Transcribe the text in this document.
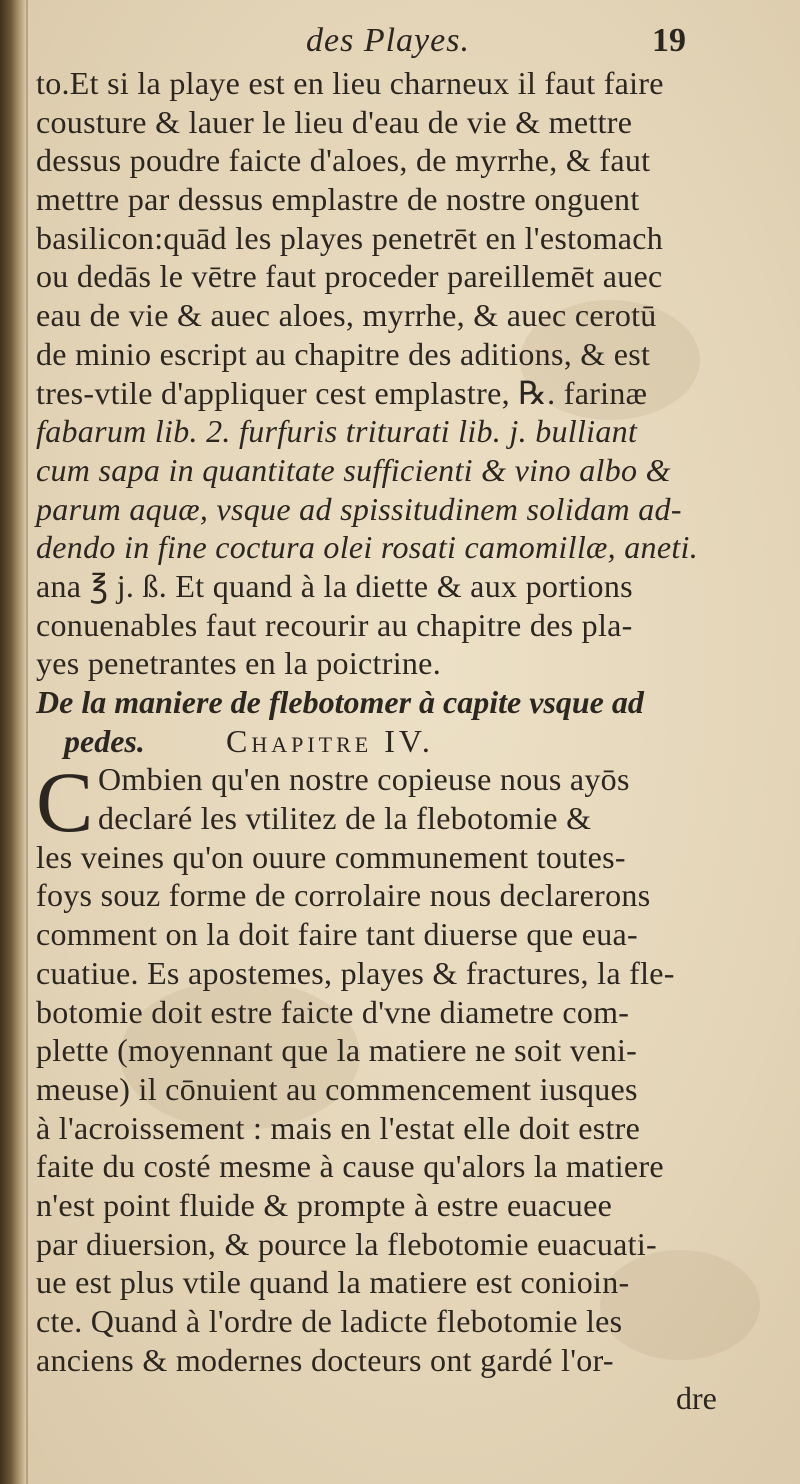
des Playes.	19
to.Et si la playe est en lieu charneux il faut faire
cousture & lauer le lieu d'eau de vie & mettre
dessus poudre faicte d'aloes, de myrrhe, & faut
mettre par dessus emplastre de nostre onguent
basilicon:quād les playes penetrēt en l'estomach
ou dedās le vētre faut proceder pareillemēt auec
eau de vie & auec aloes, myrrhe, & auec cerotū
de minio escript au chapitre des aditions, & est
tres-vtile d'appliquer cest emplastre, ℞. farinæ
fabarum lib. 2. furfuris triturati lib. j. bulliant
cum sapa in quantitate sufficienti & vino albo &
parum aquæ, vsque ad spissitudinem solidam ad-
dendo in fine coctura olei rosati camomillæ, aneti.
ana ℥ j. ß. Et quand à la diette & aux portions
conuenables faut recourir au chapitre des pla-
yes penetrantes en la poictrine.
De la maniere de flebotomer à capite vsque ad
pedes.	Chapitre IV.
C Ombien qu'en nostre copieuse nous ayōs
declaré les vtilitez de la flebotomie &
les veines qu'on ouure communement toutes-
foys souz forme de corrolaire nous declarerons
comment on la doit faire tant diuerse que eua-
cuatiue. Es apostemes, playes & fractures, la fle-
botomie doit estre faicte d'vne diametre com-
plette (moyennant que la matiere ne soit veni-
meuse) il cōnuient au commencement iusques
à l'acroissement : mais en l'estat elle doit estre
faite du costé mesme à cause qu'alors la matiere
n'est point fluide & prompte à estre euacuee
par diuersion, & pource la flebotomie euacuati-
ue est plus vtile quand la matiere est conioin-
cte. Quand à l'ordre de ladicte flebotomie les
anciens & modernes docteurs ont gardé l'or-
dre
